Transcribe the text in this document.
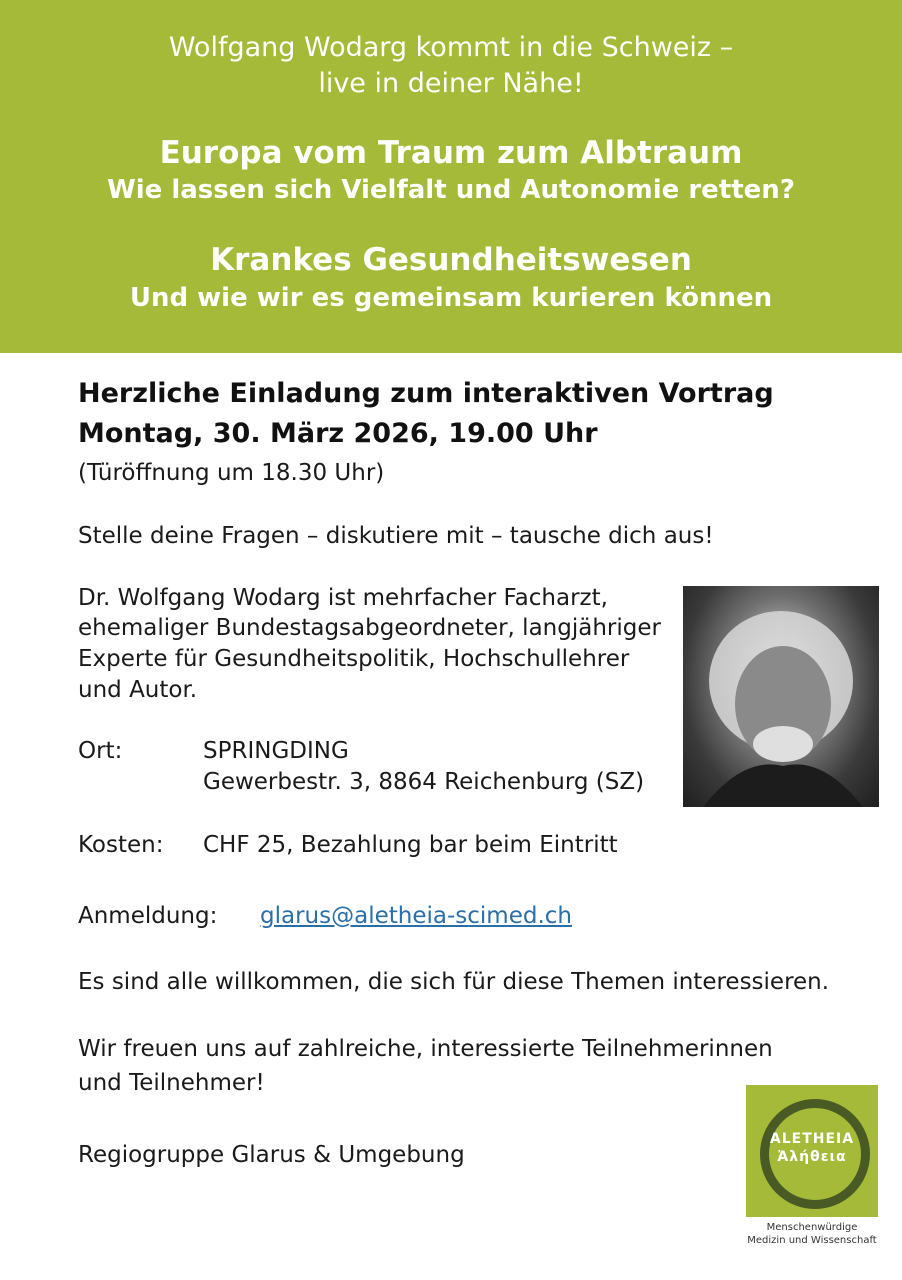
Wolfgang Wodarg kommt in die Schweiz –
live in deiner Nähe!
Europa vom Traum zum Albtraum
Wie lassen sich Vielfalt und Autonomie retten?
Krankes Gesundheitswesen
Und wie wir es gemeinsam kurieren können
Herzliche Einladung zum interaktiven Vortrag
Montag, 30. März 2026, 19.00 Uhr
(Türöffnung um 18.30 Uhr)
Stelle deine Fragen – diskutiere mit – tausche dich aus!
Dr. Wolfgang Wodarg ist mehrfacher Facharzt,
ehemaliger Bundestagsabgeordneter, langjähriger
Experte für Gesundheitspolitik, Hochschullehrer
und Autor.
Ort:	SPRINGDING
Gewerbestr. 3, 8864 Reichenburg (SZ)
Kosten: CHF 25, Bezahlung bar beim Eintritt
Anmeldung: glarus@aletheia-scimed.ch
Es sind alle willkommen, die sich für diese Themen interessieren.
Wir freuen uns auf zahlreiche, interessierte Teilnehmerinnen
und Teilnehmer!
Regiogruppe Glarus & Umgebung
ALETHEIA
Ἀλήθεια
Menschenwürdige
Medizin und Wissenschaft
